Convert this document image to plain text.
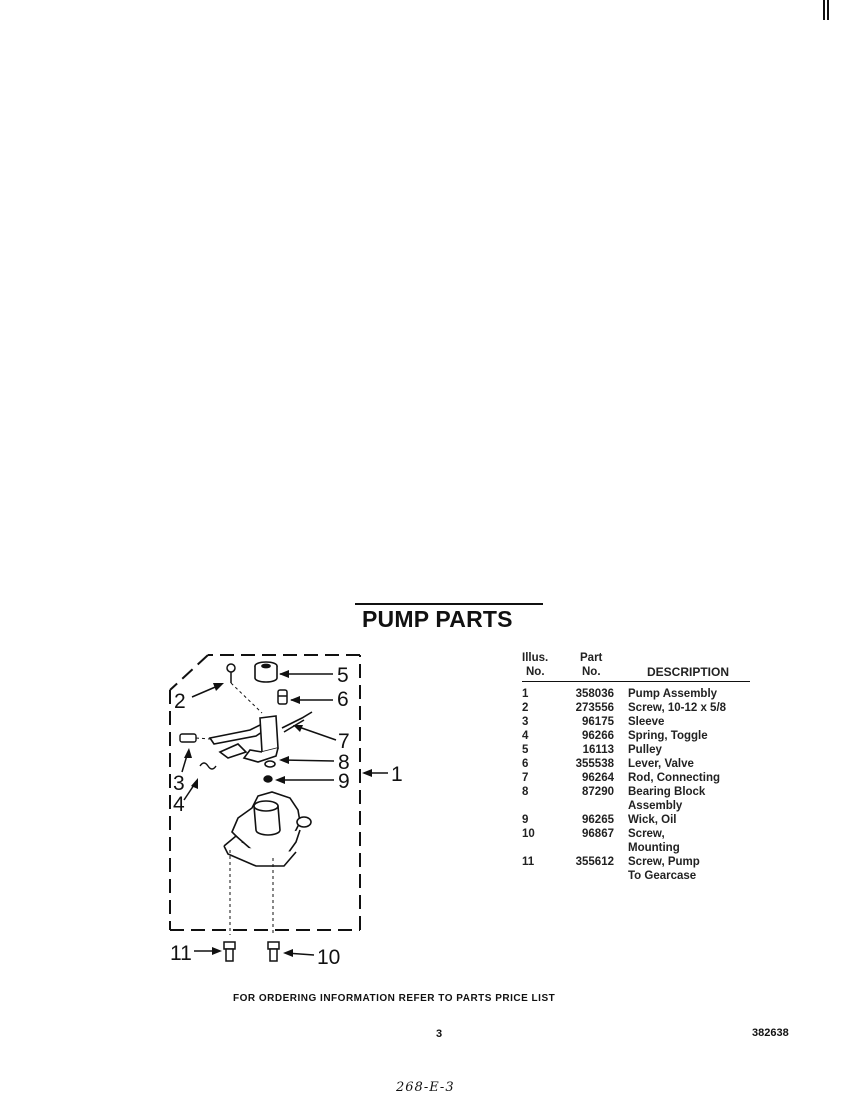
PUMP PARTS
5
6
2
7
8
9 1
3
4
11	10
Illus.
No.
Part
No.	DESCRIPTION
1	358036 Pump Assembly
2	273556 Screw, 10-12 x 5/8
3	96175 Sleeve
4	96266 Spring, Toggle
5	16113 Pulley
6	355538 Lever, Valve
7	96264 Rod, Connecting
8	87290 Bearing Block
Assembly
9	96265 Wick, Oil
10	96867 Screw,
Mounting
11	355612 Screw, Pump
To Gearcase
FOR ORDERING INFORMATION REFER TO PARTS PRICE LIST
3	382638
268-E-3
